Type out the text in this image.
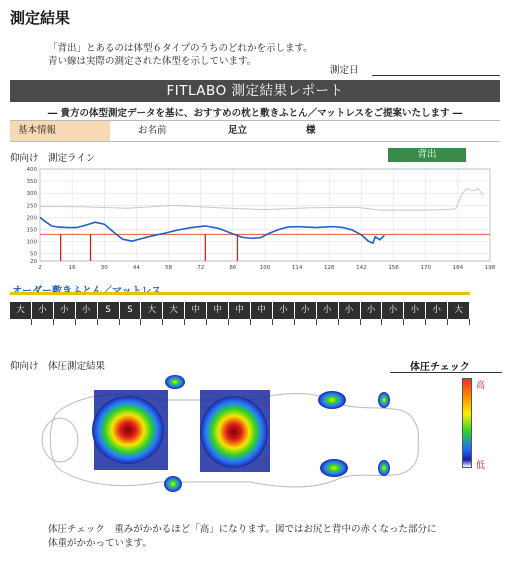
測定結果
「背出」とあるのは体型６タイプのうちのどれかを示します。
青い線は実際の測定された体型を示しています。
測定日
FITLABO 測定結果レポート
― 貴方の体型測定データを基に、おすすめの枕と敷きふとん／マットレスをご提案いたします ―
基本情報	お名前	足立	様
仰向け　測定ライン	背出
20
50
100
150
200
250
300
350
400
2	16	30	44	58	72	86	100	114	128	142	156	170	184	198
大	小	小	小	S	S	大	大	中	中	中	中	小	小	小	小	小	小	小	小	大
仰向け　体圧測定結果	体圧チェック
高
低
体圧チェック　重みがかかるほど「高」になります。図ではお尻と背中の赤くなった部分に
体重がかかっています。
